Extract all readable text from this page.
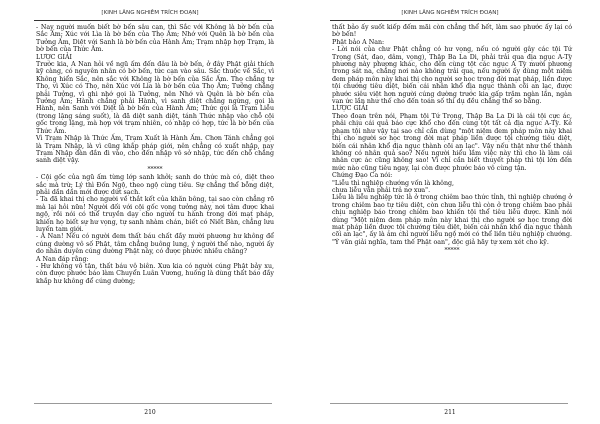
[KINH LĂNG NGHIÊM TRÍCH ĐOẠN]

- Nay người muốn biết bờ bến sâu cạn, thì Sắc với Không là bờ bến của Sắc Ấm; Xúc với Lìa là bờ bến của Thọ Ấm; Nhớ với Quên là bờ bến của Tưởng Ấm, Diệt với Sanh là bờ bến của Hành Ấm; Trạm nhập hợp Trạm, là bờ bến của Thức Ấm.

LƯỢC GIẢI

Trước kia, A Nan hỏi về ngũ ấm đến đâu là bờ bến, ở đây Phật giải thích kỹ càng, có nguyên nhân có bờ bến, tức cạn vào sâu. Sắc thuộc về Sắc, vì Không hiển Sắc, nên sắc với Không là bờ bến của Sắc Ấm. Thọ chẳng tự Thọ, vì Xúc có Thọ, nên Xúc với Lìa là bờ bến của Thọ Ấm; Tưởng chẳng phải Tưởng, vì ghi nhớ gọi là Tưởng, nên Nhớ và Quên là bờ bến của Tưởng Ấm; Hành chẳng phải Hành, vì sanh diệt chẳng ngừng, gọi là Hành, nên Sanh với Diệt là bờ bến của Hành Ấm; Thức gọi là Trạm Liễu (trong lặng sáng suốt), là đã diệt sanh diệt, tánh Thức nhập vào chỗ cội gốc trong lặng, mà hợp với trạm nhiên, có nhập có hợp, tức là bờ bến của Thức Ấm.

Vì Trạm Nhập là Thức Ấm, Trạm Xuất là Hành Ấm. Chơn Tánh chẳng gọi là Trạm Nhập, là vì cũng khắp pháp giới, nên chẳng có xuất nhập, nay Trạm Nhập đàn đần đi vào, cho đến nhập vô sở nhập, tức đến chỗ chẳng sanh diệt vậy.

*****

- Cội gốc của ngũ ấm từng lớp sanh khởi; sanh do thức mà có, diệt theo sắc mà trừ; Lý thì Đốn Ngộ, theo ngộ cùng tiêu. Sự chẳng thể bỗng diệt, phải dần dần mới được dứt sạch.

- Ta đã khai thị cho người về thắt kết của khăn bông, tại sao còn chẳng rõ mà lại hỏi nữa! Người đối với cội gốc vọng tưởng này, nơi tâm được khai ngộ, rồi nói có thể truyền dạy cho người tu hành trong đời mạt pháp, khiến họ biết sự hư vọng, tự sanh nhàm chán, biết có Niết Bàn, chẳng lưu luyến tam giới.

- A Nan! Nếu có người đem thất báu chất đầy mười phương hư không để cúng dường vô số Phật, tâm chẳng buông lung, ý người thế nào, người ấy do nhân duyên cúng dường Phật này, có được phước nhiều chăng?

A Nan đáp rằng:

- Hư không vô tận, thất báu vô biên. Xưa kia có người cúng Phật bảy xu, còn được phước báo làm Chuyển Luân Vương, huống là dùng thất báo đầy khắp hư không để cúng dường;

210
[KINH LĂNG NGHIÊM TRÍCH ĐOẠN]

thất bảo ấy suốt kiếp đếm mãi còn chẳng thể hết, làm sao phước ấy lại có bờ bến!

Phật bảo A Nan:

- Lời nói của chư Phật chẳng có hư vọng, nếu có người gây các tội Tứ Trọng (Sát, đạo, dâm, vọng), Thập Ba La Di, phải trải qua địa ngục A-Tỳ phương này phương khác, cho đến cùng tột các ngục A Tỳ mười phương trong sát na, chẳng nơi nào không trải qua, nếu người ấy dùng một niệm đem pháp môn này khai thị cho người sơ học trong đời mạt pháp, liền được tội chướng tiêu diệt, biến cái nhân khổ địa ngục thành cõi an lạc, được phước siêu việt hơn người cúng dường trước kia gấp trăm ngàn lần, ngàn vạn ức lần như thế cho đến toán số thí dụ đều chẳng thể so bằng.

LƯỢC GIẢI

Theo đoạn trên nói, Phạm tội Tứ Trọng, Thập Ba La Di là cái tội cực ác, phải chịu cái quả báo cực khổ cho đến cùng tột tất cả địa ngục A-Tỳ. Kẻ phạm tội như vậy tại sao chỉ cần dùng "một niệm đem pháp môn này khai thị cho người sơ học trong đời mạt pháp liền được tội chướng tiêu diệt, biến cái nhân khổ địa ngục thành cõi an lạc". Vậy nếu thật như thế thành không có nhân quả sao? Nếu người hiểu lầm việc này thì cho là làm cái nhân cực ác cũng không sao! Vì chỉ cần biết thuyết pháp thì tội lớn đến mức nào cũng tiêu ngay, lại còn được phước báo vô cùng tận.

Chứng Đạo Ca nói:

"Liễu thì nghiệp chướng vốn là không,

chưa liễu vẫn phải trả nợ xưa".

Liễu là liễu nghiệp tức là ở trong chiêm bao thức tỉnh, thì nghiệp chướng ở trong chiêm bao tự tiêu diệt, còn chưa liễu thì còn ở trong chiêm bao phải chịu nghiệp báo trong chiêm bao khiến tội thể tiêu liễu được. Kinh nói dùng "Một niệm đem pháp môn này khai thị cho người sơ học trong đời mạt pháp liền được tội chướng tiêu diệt, biến cái nhân khổ địa ngục thành cõi an lạc", ấy là ám chỉ người liễu ngộ mới có thể liền tiêu nghiệp chướng. "Ý văn giải nghĩa, tam thế Phật oan", độc giả hãy tự xem xét cho kỹ.

*****

211
